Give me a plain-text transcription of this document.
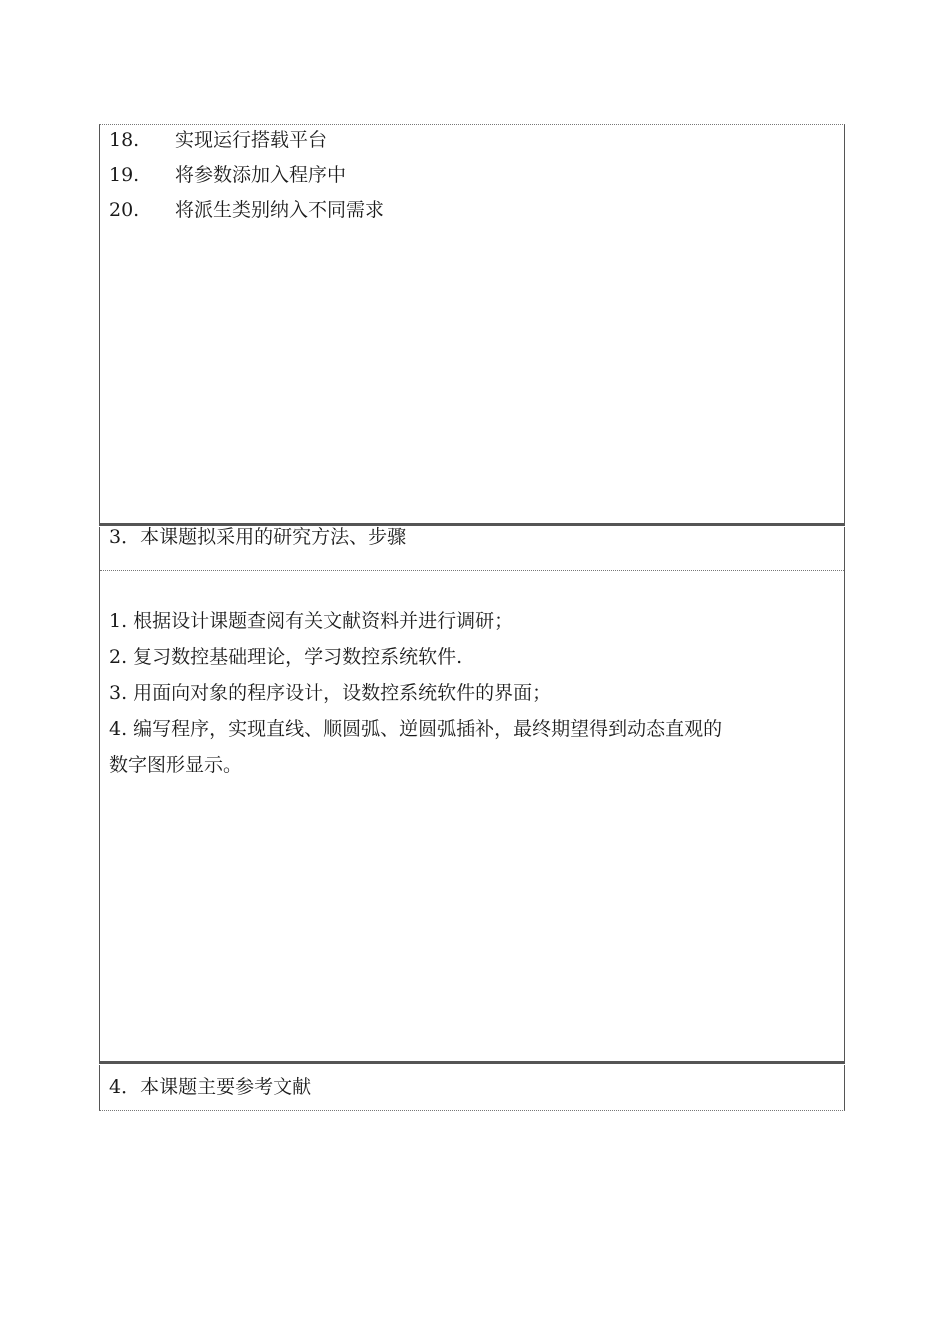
18. 实现运行搭载平台
19. 将参数添加入程序中
20. 将派生类别纳入不同需求
3．本课题拟采用的研究方法、步骤
1. 根据设计课题查阅有关文献资料并进行调研；
2. 复习数控基础理论，学习数控系统软件.
3. 用面向对象的程序设计，设数控系统软件的界面；
4. 编写程序，实现直线、顺圆弧、逆圆弧插补，最终期望得到动态直观的
数字图形显示。
4．本课题主要参考文献
